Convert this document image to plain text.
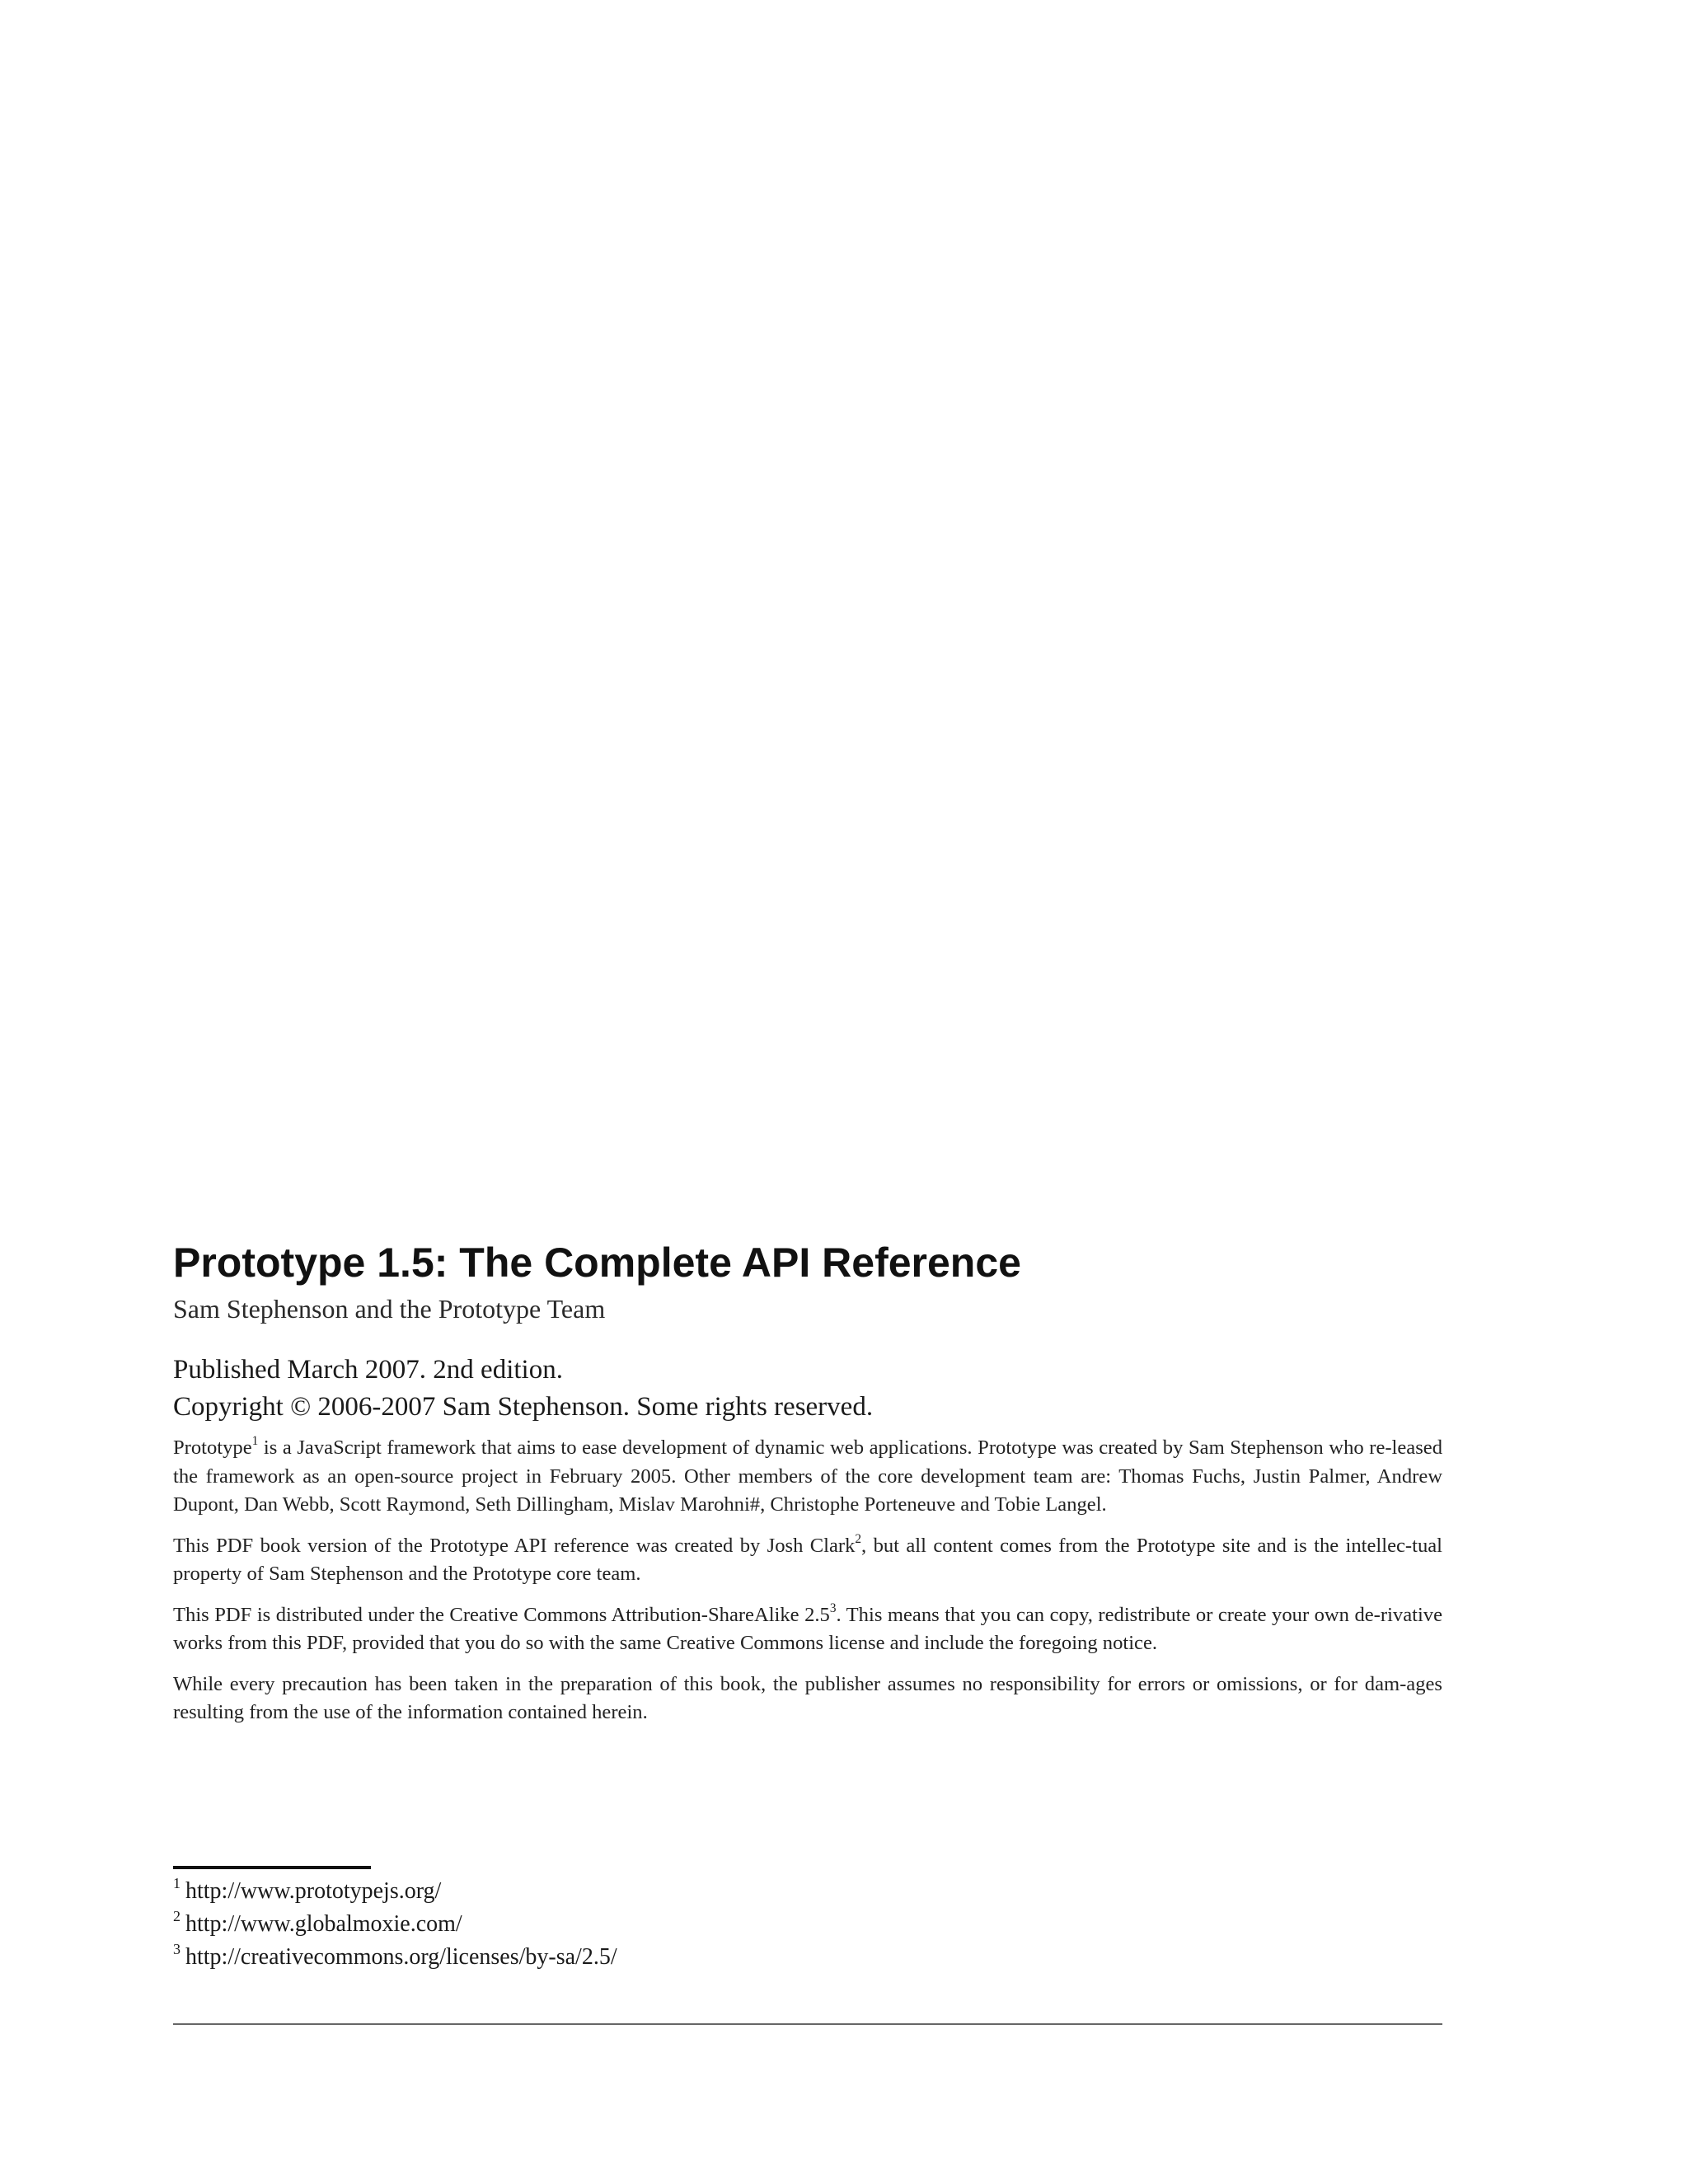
Prototype 1.5: The Complete API Reference

Sam Stephenson and the Prototype Team

Published March 2007. 2nd edition.

Copyright © 2006-2007 Sam Stephenson. Some rights reserved.

Prototype$^1$ is a JavaScript framework that aims to ease development of dynamic web applications. Prototype was created by Sam Stephenson who re-leased the framework as an open-source project in February 2005. Other members of the core development team are: Thomas Fuchs, Justin Palmer, Andrew Dupont, Dan Webb, Scott Raymond, Seth Dillingham, Mislav Marohni#, Christophe Porteneuve and Tobie Langel.

This PDF book version of the Prototype API reference was created by Josh Clark$^2$, but all content comes from the Prototype site and is the intellec-tual property of Sam Stephenson and the Prototype core team.

This PDF is distributed under the Creative Commons Attribution-ShareAlike $2.5^3$. This means that you can copy, redistribute or create your own de-rivative works from this PDF, provided that you do so with the same Creative Commons license and include the foregoing notice.

While every precaution has been taken in the preparation of this book, the publisher assumes no responsibility for errors or omissions, or for dam-ages resulting from the use of the information contained herein.

$^1$ http://www.prototypejs.org/
$^2$ http://www.globalmoxie.com/
$^3$ http://creativecommons.org/licenses/by-sa/2.5/
